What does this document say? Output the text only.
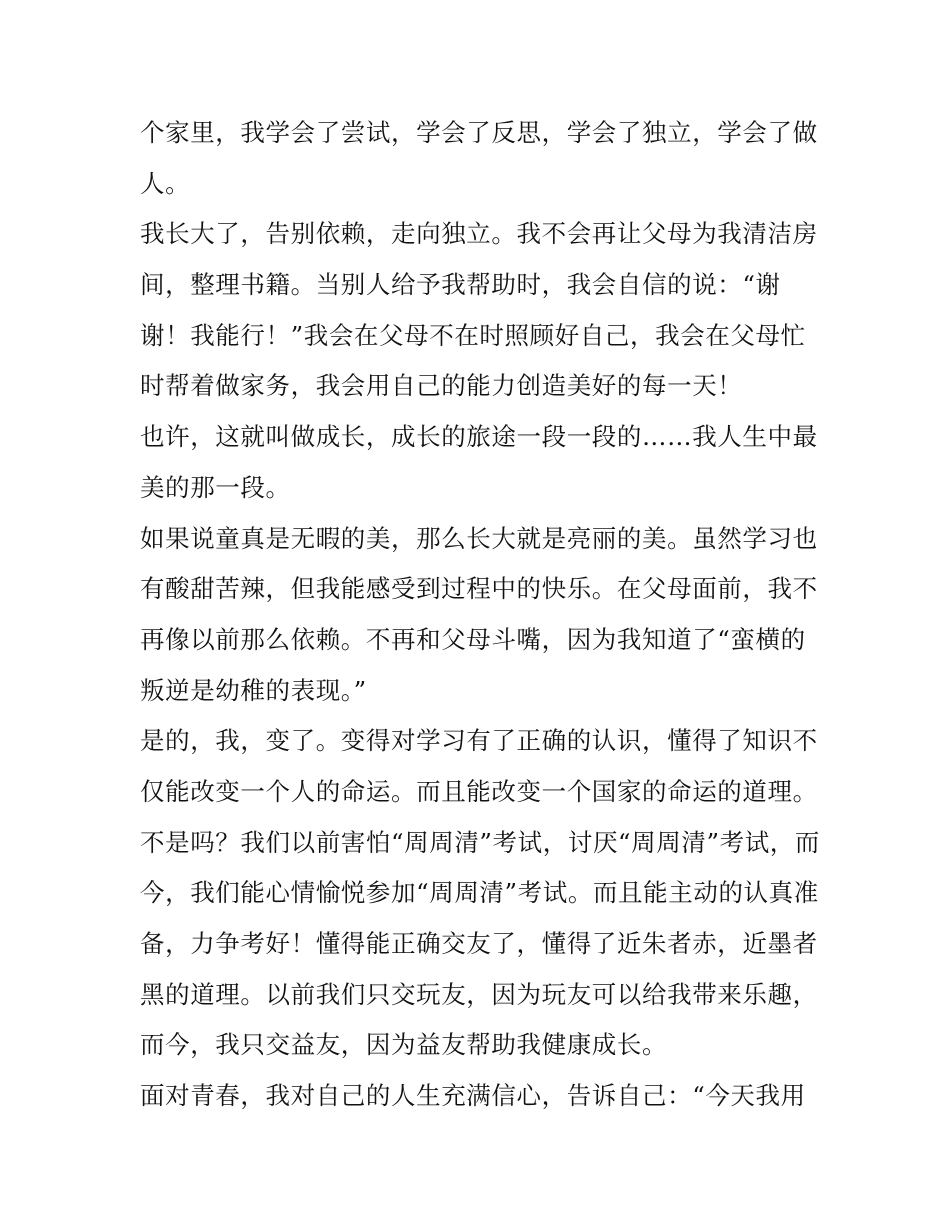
个家里，我学会了尝试，学会了反思，学会了独立，学会了做
人。
我长大了，告别依赖，走向独立。我不会再让父母为我清洁房
间，整理书籍。当别人给予我帮助时，我会自信的说：“谢
谢！我能行！”我会在父母不在时照顾好自己，我会在父母忙
时帮着做家务，我会用自己的能力创造美好的每一天！
也许，这就叫做成长，成长的旅途一段一段的……我人生中最
美的那一段。
如果说童真是无暇的美，那么长大就是亮丽的美。虽然学习也
有酸甜苦辣，但我能感受到过程中的快乐。在父母面前，我不
再像以前那么依赖。不再和父母斗嘴，因为我知道了“蛮横的
叛逆是幼稚的表现。”
是的，我，变了。变得对学习有了正确的认识，懂得了知识不
仅能改变一个人的命运。而且能改变一个国家的命运的道理。
不是吗？我们以前害怕“周周清”考试，讨厌“周周清”考试，而
今，我们能心情愉悦参加“周周清”考试。而且能主动的认真准
备，力争考好！懂得能正确交友了，懂得了近朱者赤，近墨者
黑的道理。以前我们只交玩友，因为玩友可以给我带来乐趣，
而今，我只交益友，因为益友帮助我健康成长。
面对青春，我对自己的人生充满信心，告诉自己：“今天我用
